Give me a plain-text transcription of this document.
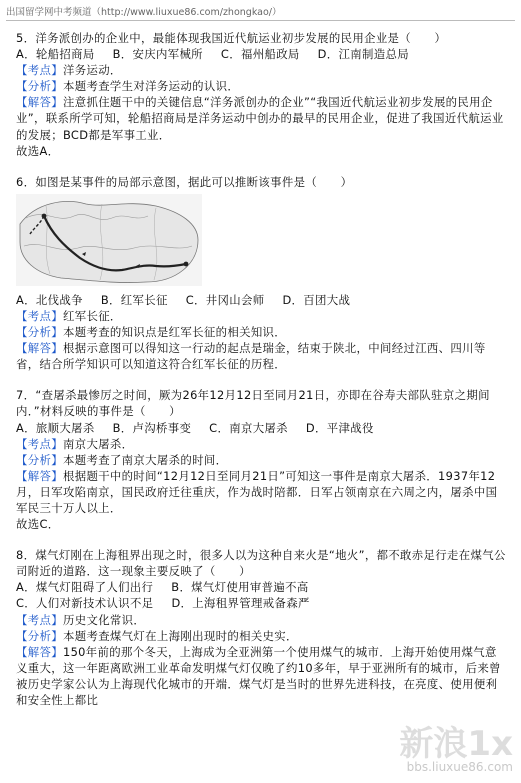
出国留学网中考频道（http://www.liuxue86.com/zhongkao/）
5．洋务派创办的企业中，最能体现我国近代航运业初步发展的民用企业是（　　）
A．轮船招商局 B．安庆内军械所 C．福州船政局 D．江南制造总局
【考点】洋务运动．
【分析】本题考查学生对洋务运动的认识．
【解答】注意抓住题干中的关键信息“洋务派创办的企业”“我国近代航运业初步发展的民用企业”，联系所学可知，轮船招商局是洋务运动中创办的最早的民用企业，促进了我国近代航运业的发展；BCD都是军事工业．
故选A．
6．如图是某事件的局部示意图，据此可以推断该事件是（　　）
A．北伐战争 B．红军长征 C．井冈山会师 D．百团大战
【考点】红军长征．
【分析】本题考查的知识点是红军长征的相关知识．
【解答】根据示意图可以得知这一行动的起点是瑞金，结束于陕北，中间经过江西、四川等省，结合所学知识可以知道这符合红军长征的历程．
7．“查屠杀最惨厉之时间，厥为26年12月12日至同月21日，亦即在谷寿夫部队驻京之期间内．”材料反映的事件是（　　）
A．旅顺大屠杀 B．卢沟桥事变 C．南京大屠杀 D．平津战役
【考点】南京大屠杀．
【分析】本题考查了南京大屠杀的时间．
【解答】根据题干中的时间“12月12日至同月21日”可知这一事件是南京大屠杀．1937年12月，日军攻陷南京，国民政府迁往重庆，作为战时陪都．日军占领南京在六周之内，屠杀中国军民三十万人以上．
故选C．
8．煤气灯刚在上海租界出现之时，很多人以为这种自来火是“地火”，都不敢赤足行走在煤气公司附近的道路．这一现象主要反映了（　　）
A．煤气灯阻碍了人们出行 B．煤气灯使用审普遍不高
C．人们对新技术认识不足 D．上海租界管理戒备森严
【考点】历史文化常识．
【分析】本题考查煤气灯在上海刚出现时的相关史实．
【解答】150年前的那个冬天，上海成为全亚洲第一个使用煤气的城市．上海开始使用煤气意义重大，这一年距离欧洲工业革命发明煤气灯仅晚了约10多年，早于亚洲所有的城市，后来曾被历史学家公认为上海现代化城市的开端．煤气灯是当时的世界先进科技，在亮度、使用便利和安全性上都比
新浪1x
bbs.liuxue86.com
